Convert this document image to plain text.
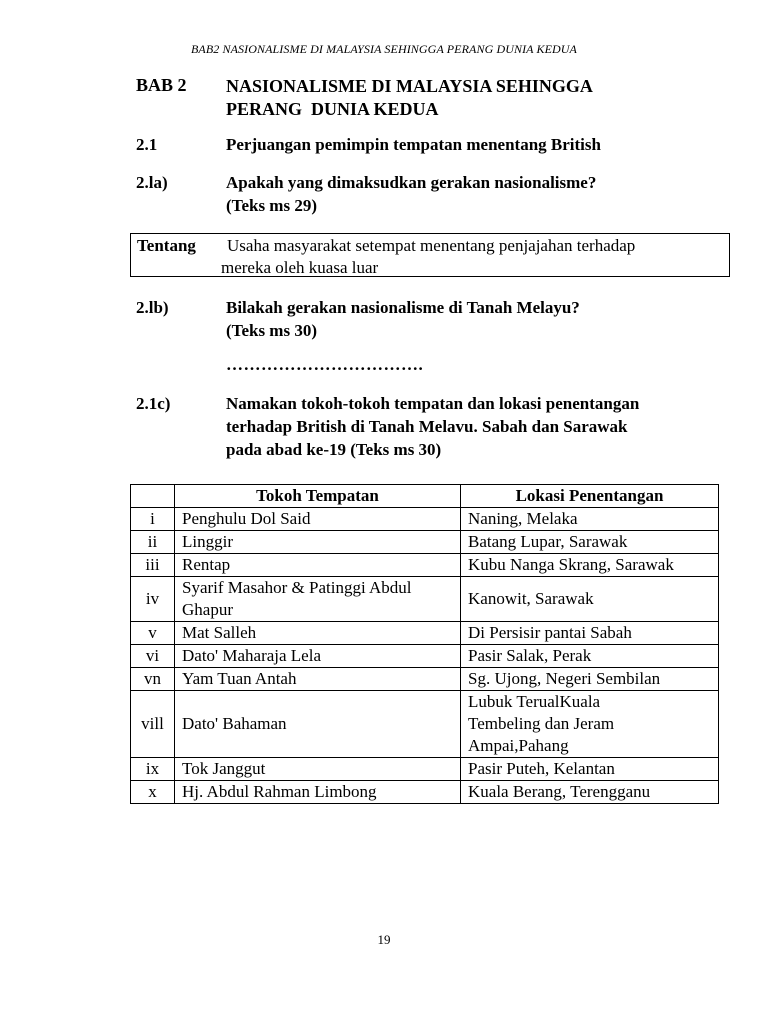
BAB2 NASIONALISME DI MALAYSIA SEHINGGA PERANG DUNIA KEDUA
BAB 2 NASIONALISME DI MALAYSIA SEHINGGA
PERANG  DUNIA KEDUA
2.1	Perjuangan pemimpin tempatan menentang British
2.la)	Apakah yang dimaksudkan gerakan nasionalisme?
(Teks ms 29)
Tentang Usaha masyarakat setempat menentang penjajahan terhadap
mereka oleh kuasa luar
2.lb)	Bilakah gerakan nasionalisme di Tanah Melayu?
(Teks ms 30)
…………………………….
2.1c)	Namakan tokoh-tokoh tempatan dan lokasi penentangan
terhadap British di Tanah Melavu. Sabah dan Sarawak
pada abad ke-19 (Teks ms 30)
	Tokoh Tempatan	Lokasi Penentangan
i	Penghulu Dol Said	Naning, Melaka
ii	Linggir	Batang Lupar, Sarawak
iii	Rentap	Kubu Nanga Skrang, Sarawak
iv	Syarif Masahor & Patinggi Abdul
Ghapur	Kanowit, Sarawak
v	Mat Salleh	Di Persisir pantai Sabah
vi	Dato' Maharaja Lela	Pasir Salak, Perak
vn	Yam Tuan Antah	Sg. Ujong, Negeri Sembilan
vill	Dato' Bahaman	Lubuk TerualKuala
Tembeling dan Jeram
Ampai,Pahang

ix	Tok Janggut	Pasir Puteh, Kelantan
x	Hj. Abdul Rahman Limbong	Kuala Berang, Terengganu
19
